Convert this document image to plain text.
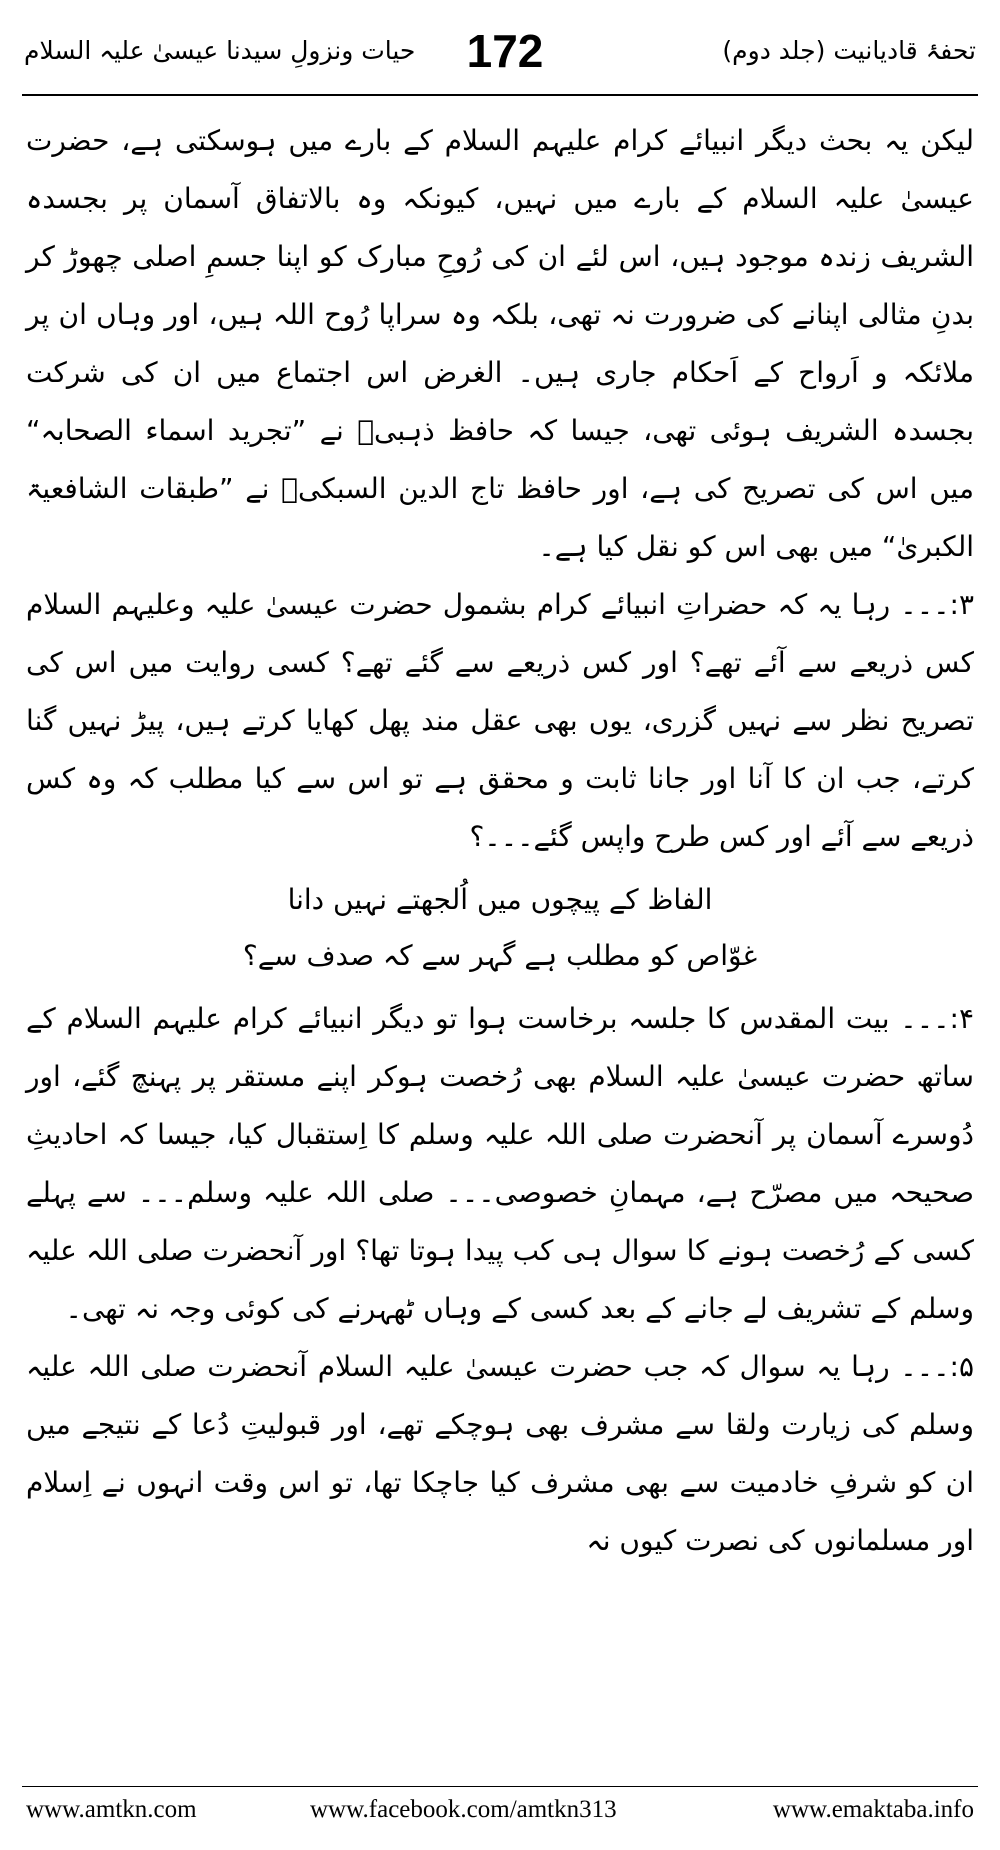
تحفۂ قادیانیت (جلد دوم)
172
حیات ونزولِ سیدنا عیسیٰ علیہ السلام

لیکن یہ بحث دیگر انبیائے کرام علیہم السلام کے بارے میں ہوسکتی ہے، حضرت عیسیٰ علیہ السلام کے بارے میں نہیں، کیونکہ وہ بالاتفاق آسمان پر بجسدہ الشریف زندہ موجود ہیں، اس لئے ان کی رُوحِ مبارک کو اپنا جسمِ اصلی چھوڑ کر بدنِ مثالی اپنانے کی ضرورت نہ تھی، بلکہ وہ سراپا رُوح اللہ ہیں، اور وہاں ان پر ملائکہ و اَرواح کے اَحکام جاری ہیں۔ الغرض اس اجتماع میں ان کی شرکت بجسدہ الشریف ہوئی تھی، جیسا کہ حافظ ذہبیؒ نے ”تجرید اسماء الصحابہ“ میں اس کی تصریح کی ہے، اور حافظ تاج الدین السبکیؒ نے ”طبقات الشافعیۃ الکبریٰ“ میں بھی اس کو نقل کیا ہے۔

۳:۔۔۔ رہا یہ کہ حضراتِ انبیائے کرام بشمول حضرت عیسیٰ علیہ وعلیہم السلام کس ذریعے سے آئے تھے؟ اور کس ذریعے سے گئے تھے؟ کسی روایت میں اس کی تصریح نظر سے نہیں گزری، یوں بھی عقل مند پھل کھایا کرتے ہیں، پیڑ نہیں گنا کرتے، جب ان کا آنا اور جانا ثابت و محقق ہے تو اس سے کیا مطلب کہ وہ کس ذریعے سے آئے اور کس طرح واپس گئے۔۔۔؟

الفاظ کے پیچوں میں اُلجھتے نہیں دانا
غوّاص کو مطلب ہے گہر سے کہ صدف سے؟

۴:۔۔۔ بیت المقدس کا جلسہ برخاست ہوا تو دیگر انبیائے کرام علیہم السلام کے ساتھ حضرت عیسیٰ علیہ السلام بھی رُخصت ہوکر اپنے مستقر پر پہنچ گئے، اور دُوسرے آسمان پر آنحضرت صلی اللہ علیہ وسلم کا اِستقبال کیا، جیسا کہ احادیثِ صحیحہ میں مصرّح ہے، مہمانِ خصوصی۔۔۔ صلی اللہ علیہ وسلم۔۔۔ سے پہلے کسی کے رُخصت ہونے کا سوال ہی کب پیدا ہوتا تھا؟ اور آنحضرت صلی اللہ علیہ وسلم کے تشریف لے جانے کے بعد کسی کے وہاں ٹھہرنے کی کوئی وجہ نہ تھی۔

۵:۔۔۔ رہا یہ سوال کہ جب حضرت عیسیٰ علیہ السلام آنحضرت صلی اللہ علیہ وسلم کی زیارت ولقا سے مشرف بھی ہوچکے تھے، اور قبولیتِ دُعا کے نتیجے میں ان کو شرفِ خادمیت سے بھی مشرف کیا جاچکا تھا، تو اس وقت انہوں نے اِسلام اور مسلمانوں کی نصرت کیوں نہ

www.amtkn.com	www.facebook.com/amtkn313	www.emaktaba.info
